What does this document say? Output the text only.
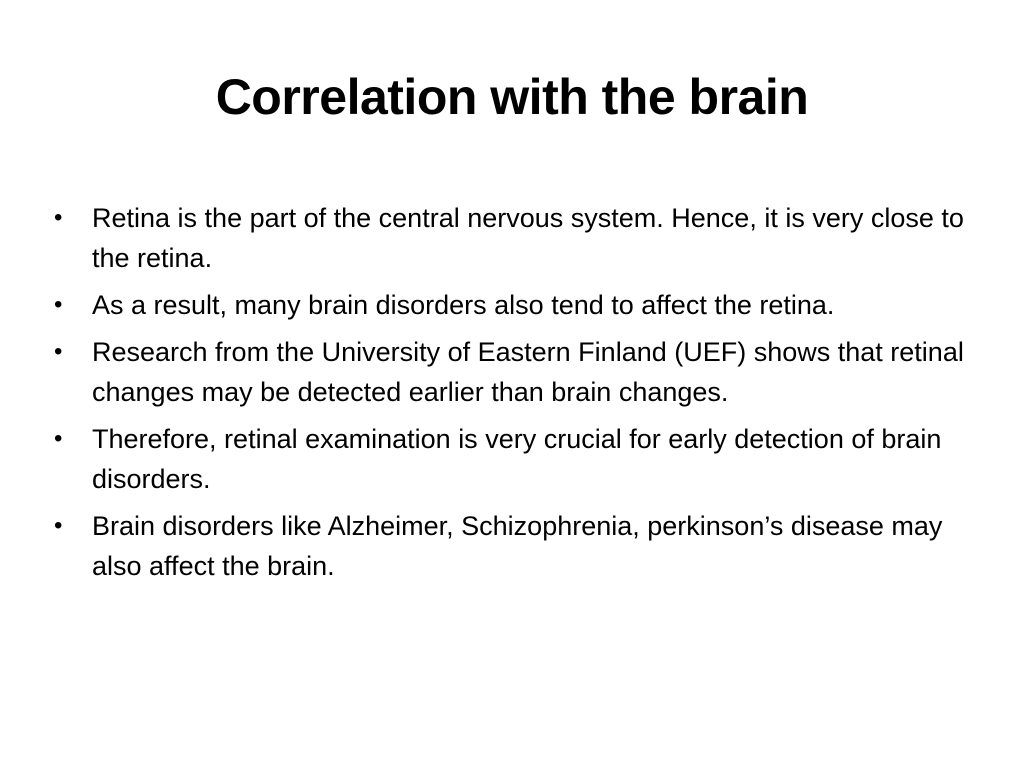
Correlation with the brain
• Retina is the part of the central nervous system. Hence, it is very close to the retina.
• As a result, many brain disorders also tend to affect the retina.
• Research from the University of Eastern Finland (UEF) shows that retinal changes may be detected earlier than brain changes.
• Therefore, retinal examination is very crucial for early detection of brain disorders.
• Brain disorders like Alzheimer, Schizophrenia, perkinson’s disease may also affect the brain.
